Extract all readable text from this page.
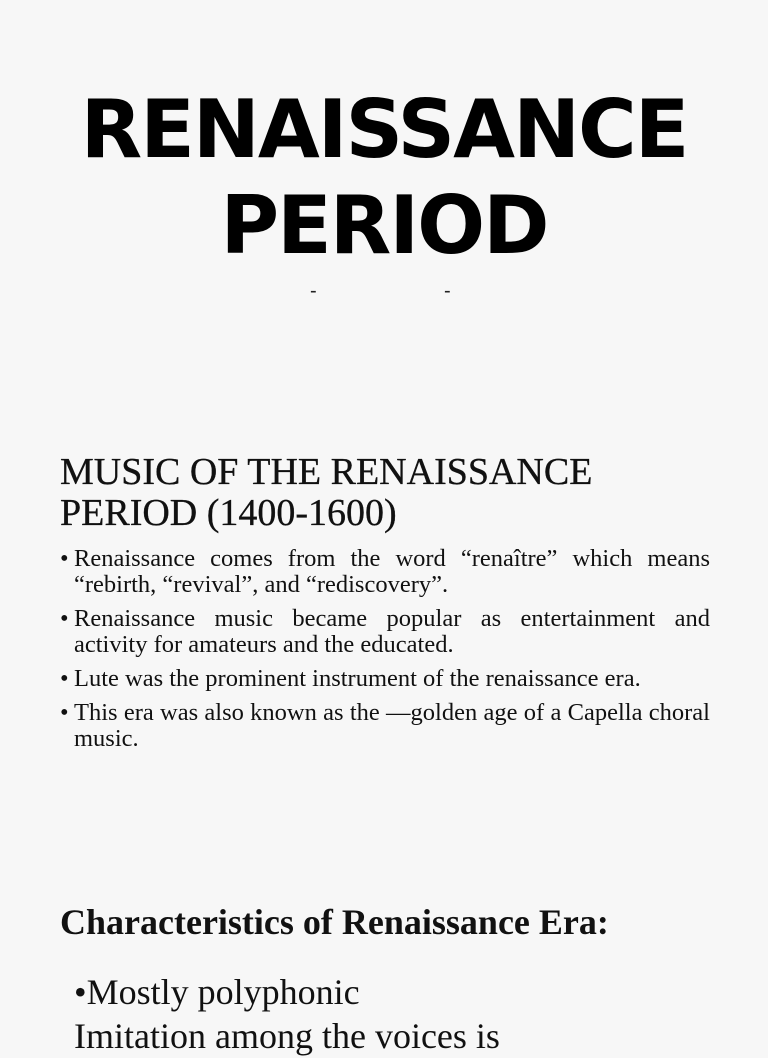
RENAISSANCE
PERIOD
-	-
MUSIC OF THE RENAISSANCE PERIOD (1400-1600)
• Renaissance comes from the word “renaître” which means “rebirth, “revival”, and “rediscovery”.
• Renaissance music became popular as entertainment and activity for amateurs and the educated.
• Lute was the prominent instrument of the renaissance era.
• This era was also known as the —golden age of a Capella choral music.
Characteristics of Renaissance Era:
•Mostly polyphonic
Imitation among the voices is
